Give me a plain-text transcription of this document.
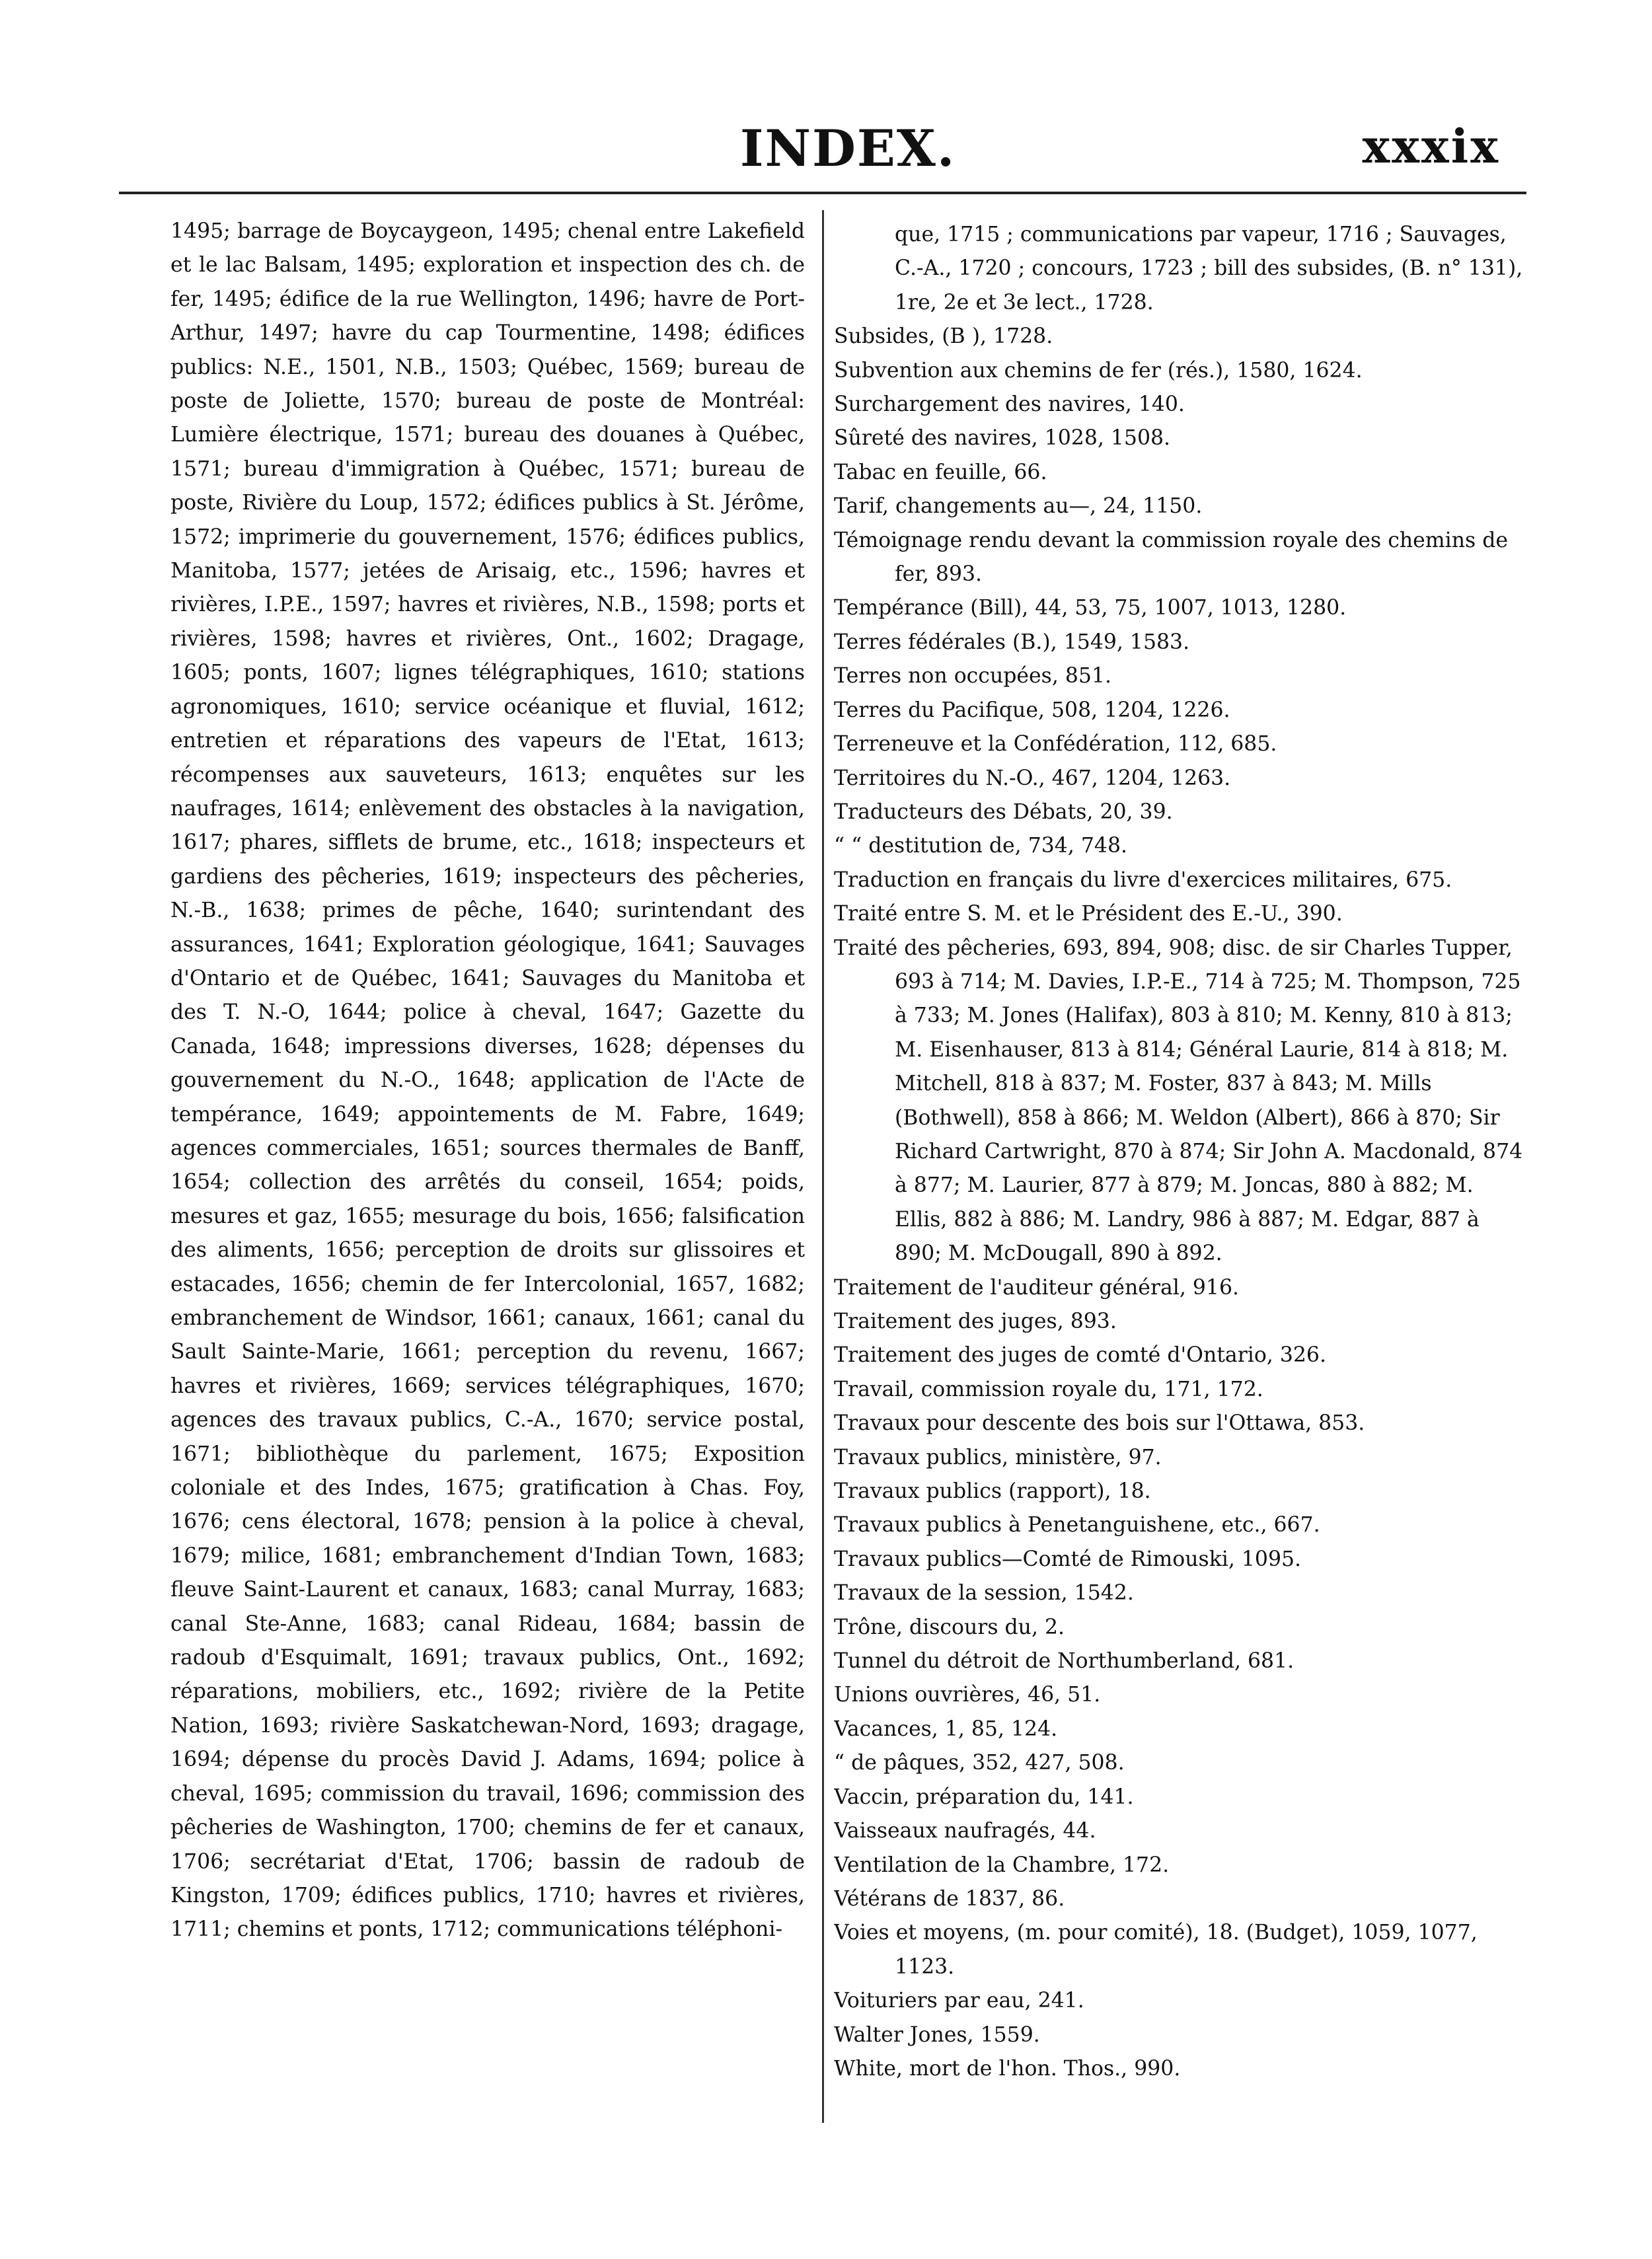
INDEX.	xxxix

1495; barrage de Boycaygeon, 1495; chenal entre Lakefield et le lac Balsam, 1495; exploration et inspection des ch. de fer, 1495; édifice de la rue Wellington, 1496; havre de Port-Arthur, 1497; havre du cap Tourmentine, 1498; édifices publics: N.E., 1501, N.B., 1503; Québec, 1569; bureau de poste de Joliette, 1570; bureau de poste de Montréal: Lumière électrique, 1571; bureau des douanes à Québec, 1571; bureau d'immigration à Québec, 1571; bureau de poste, Rivière du Loup, 1572; édifices publics à St. Jérôme, 1572; imprimerie du gouvernement, 1576; édifices publics, Manitoba, 1577; jetées de Arisaig, etc., 1596; havres et rivières, I.P.E., 1597; havres et rivières, N.B., 1598; ports et rivières, 1598; havres et rivières, Ont., 1602; Dragage, 1605; ponts, 1607; lignes télégraphiques, 1610; stations agronomiques, 1610; service océanique et fluvial, 1612; entretien et réparations des vapeurs de l'Etat, 1613; récompenses aux sauveteurs, 1613; enquêtes sur les naufrages, 1614; enlèvement des obstacles à la navigation, 1617; phares, sifflets de brume, etc., 1618; inspecteurs et gardiens des pêcheries, 1619; inspecteurs des pêcheries, N.-B., 1638; primes de pêche, 1640; surintendant des assurances, 1641; Exploration géologique, 1641; Sauvages d'Ontario et de Québec, 1641; Sauvages du Manitoba et des T. N.-O, 1644; police à cheval, 1647; Gazette du Canada, 1648; impressions diverses, 1628; dépenses du gouvernement du N.-O., 1648; application de l'Acte de tempérance, 1649; appointements de M. Fabre, 1649; agences commerciales, 1651; sources thermales de Banff, 1654; collection des arrêtés du conseil, 1654; poids, mesures et gaz, 1655; mesurage du bois, 1656; falsification des aliments, 1656; perception de droits sur glissoires et estacades, 1656; chemin de fer Intercolonial, 1657, 1682; embranchement de Windsor, 1661; canaux, 1661; canal du Sault Sainte-Marie, 1661; perception du revenu, 1667; havres et rivières, 1669; services télégraphiques, 1670; agences des travaux publics, C.-A., 1670; service postal, 1671; bibliothèque du parlement, 1675; Exposition coloniale et des Indes, 1675; gratification à Chas. Foy, 1676; cens électoral, 1678; pension à la police à cheval, 1679; milice, 1681; embranchement d'Indian Town, 1683; fleuve Saint-Laurent et canaux, 1683; canal Murray, 1683; canal Ste-Anne, 1683; canal Rideau, 1684; bassin de radoub d'Esquimalt, 1691; travaux publics, Ont., 1692; réparations, mobiliers, etc., 1692; rivière de la Petite Nation, 1693; rivière Saskatchewan-Nord, 1693; dragage, 1694; dépense du procès David J. Adams, 1694; police à cheval, 1695; commission du travail, 1696; commission des pêcheries de Washington, 1700; chemins de fer et canaux, 1706; secrétariat d'Etat, 1706; bassin de radoub de Kingston, 1709; édifices publics, 1710; havres et rivières, 1711; chemins et ponts, 1712; communications téléphoni-

que, 1715 ; communications par vapeur, 1716 ; Sauvages, C.-A., 1720 ; concours, 1723 ; bill des subsides, (B. n° 131), 1re, 2e et 3e lect., 1728.

Subsides, (B ), 1728.

Subvention aux chemins de fer (rés.), 1580, 1624.

Surchargement des navires, 140.

Sûreté des navires, 1028, 1508.

Tabac en feuille, 66.

Tarif, changements au—, 24, 1150.

Témoignage rendu devant la commission royale des chemins de fer, 893.

Tempérance (Bill), 44, 53, 75, 1007, 1013, 1280.

Terres fédérales (B.), 1549, 1583.

Terres non occupées, 851.

Terres du Pacifique, 508, 1204, 1226.

Terreneuve et la Confédération, 112, 685.

Territoires du N.-O., 467, 1204, 1263.

Traducteurs des Débats, 20, 39.

“ “ destitution de, 734, 748.

Traduction en français du livre d'exercices militaires, 675.

Traité entre S. M. et le Président des E.-U., 390.

Traité des pêcheries, 693, 894, 908; disc. de sir Charles Tupper, 693 à 714; M. Davies, I.P.-E., 714 à 725; M. Thompson, 725 à 733; M. Jones (Halifax), 803 à 810; M. Kenny, 810 à 813; M. Eisenhauser, 813 à 814; Général Laurie, 814 à 818; M. Mitchell, 818 à 837; M. Foster, 837 à 843; M. Mills (Bothwell), 858 à 866; M. Weldon (Albert), 866 à 870; Sir Richard Cartwright, 870 à 874; Sir John A. Macdonald, 874 à 877; M. Laurier, 877 à 879; M. Joncas, 880 à 882; M. Ellis, 882 à 886; M. Landry, 986 à 887; M. Edgar, 887 à 890; M. McDougall, 890 à 892.

Traitement de l'auditeur général, 916.

Traitement des juges, 893.

Traitement des juges de comté d'Ontario, 326.

Travail, commission royale du, 171, 172.

Travaux pour descente des bois sur l'Ottawa, 853.

Travaux publics, ministère, 97.

Travaux publics (rapport), 18.

Travaux publics à Penetanguishene, etc., 667.

Travaux publics—Comté de Rimouski, 1095.

Travaux de la session, 1542.

Trône, discours du, 2.

Tunnel du détroit de Northumberland, 681.

Unions ouvrières, 46, 51.

Vacances, 1, 85, 124.

“ de pâques, 352, 427, 508.

Vaccin, préparation du, 141.

Vaisseaux naufragés, 44.

Ventilation de la Chambre, 172.

Vétérans de 1837, 86.

Voies et moyens, (m. pour comité), 18. (Budget), 1059, 1077, 1123.

Voituriers par eau, 241.

Walter Jones, 1559.

White, mort de l'hon. Thos., 990.
